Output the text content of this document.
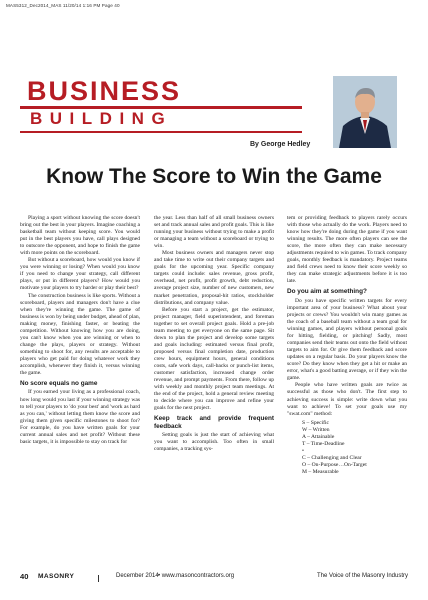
MAS5312_Dec2014_MAS 11/20/14 1:16 PM Page 40
BUSINESS
BUILDING
By George Hedley
Know The Score to Win the Game

Playing a sport without knowing the score doesn't bring out the best in your players. Imagine coaching a basketball team without keeping score. You would put in the best players you have, call plays designed to outscore the opponent, and hope to finish the game with more points on the scoreboard.

But without a scoreboard, how would you know if you were winning or losing? When would you know if you need to change your strategy, call different plays, or put in different players? How would you motivate your players to try harder or play their best?

The construction business is like sports. Without a scoreboard, players and managers don't have a clue when they're winning the game. The game of business is won by being under budget, ahead of plan, making money, finishing faster, or beating the competition. Without knowing how you are doing, you can't know when you are winning or when to change the plays, players or strategy. Without something to shoot for, any results are acceptable to players who get paid for doing whatever work they accomplish, whenever they finish it, versus winning the game.

No score equals no game

If you earned your living as a professional coach, how long would you last if your winning strategy was to tell your players to 'do your best' and 'work as hard as you can,' without letting them know the score and giving them given specific milestones to shoot for? For example, do you have written goals for your current annual sales and net profit? Without these basic targets, it is impossible to stay on track for

the year. Less than half of all small business owners set and track annual sales and profit goals. This is like running your business without trying to make a profit or managing a team without a scoreboard or trying to win.

Most business owners and managers never stop and take time to write out their company targets and goals for the upcoming year. Specific company targets could include: sales revenue, gross profit, overhead, net profit, profit growth, debt reduction, average project size, number of new customers, new market penetration, proposal-hit ratios, stockholder distributions, and company value.

Before you start a project, get the estimator, project manager, field superintendent, and foreman together to set overall project goals. Hold a pre-job team meeting to get everyone on the same page. Sit down to plan the project and develop some targets and goals including: estimated versus final profit, proposed versus final completion date, production crew hours, equipment hours, general conditions costs, safe work days, call-backs or punch-list items, customer satisfaction, increased change order revenue, and prompt payments. From there, follow up with weekly and monthly project team meetings. At the end of the project, hold a general review meeting to decide where you can improve and refine your goals for the next project.

Keep track and provide frequent feedback

Setting goals is just the start of achieving what you want to accomplish. Too often in small companies, a tracking sys-

tem or providing feedback to players rarely occurs with those who actually do the work. Players need to know how they're doing during the game if you want winning results. The more often players can see the score, the more often they can make necessary adjustments required to win games. To track company goals, monthly feedback is mandatory. Project teams and field crews need to know their score weekly so they can make strategic adjustments before it is too late.

Do you aim at something?

Do you have specific written targets for every important area of your business? What about your projects or crews? You wouldn't win many games as the coach of a baseball team without a team goal for winning games, and players without personal goals for hitting, fielding, or pitching! Sadly, most companies send their teams out onto the field without targets to aim for. Or give them feedback and score updates on a regular basis. Do your players know the score? Do they know when they get a hit or make an error, what's a good batting average, or if they win the game.

People who have written goals are twice as successful as those who don't. The first step to achieving success is simple: write down what you want to achieve! To set your goals use my "swat.com" method:

S – Specific
W – Written
A – Attainable
T – Time-Deadline
•
C – Challenging and Clear
O – On-Purpose…On-Target
M – Measurable
40 MASONRY	December 2014 • www.masoncontractors.org	The Voice of the Masonry Industry
